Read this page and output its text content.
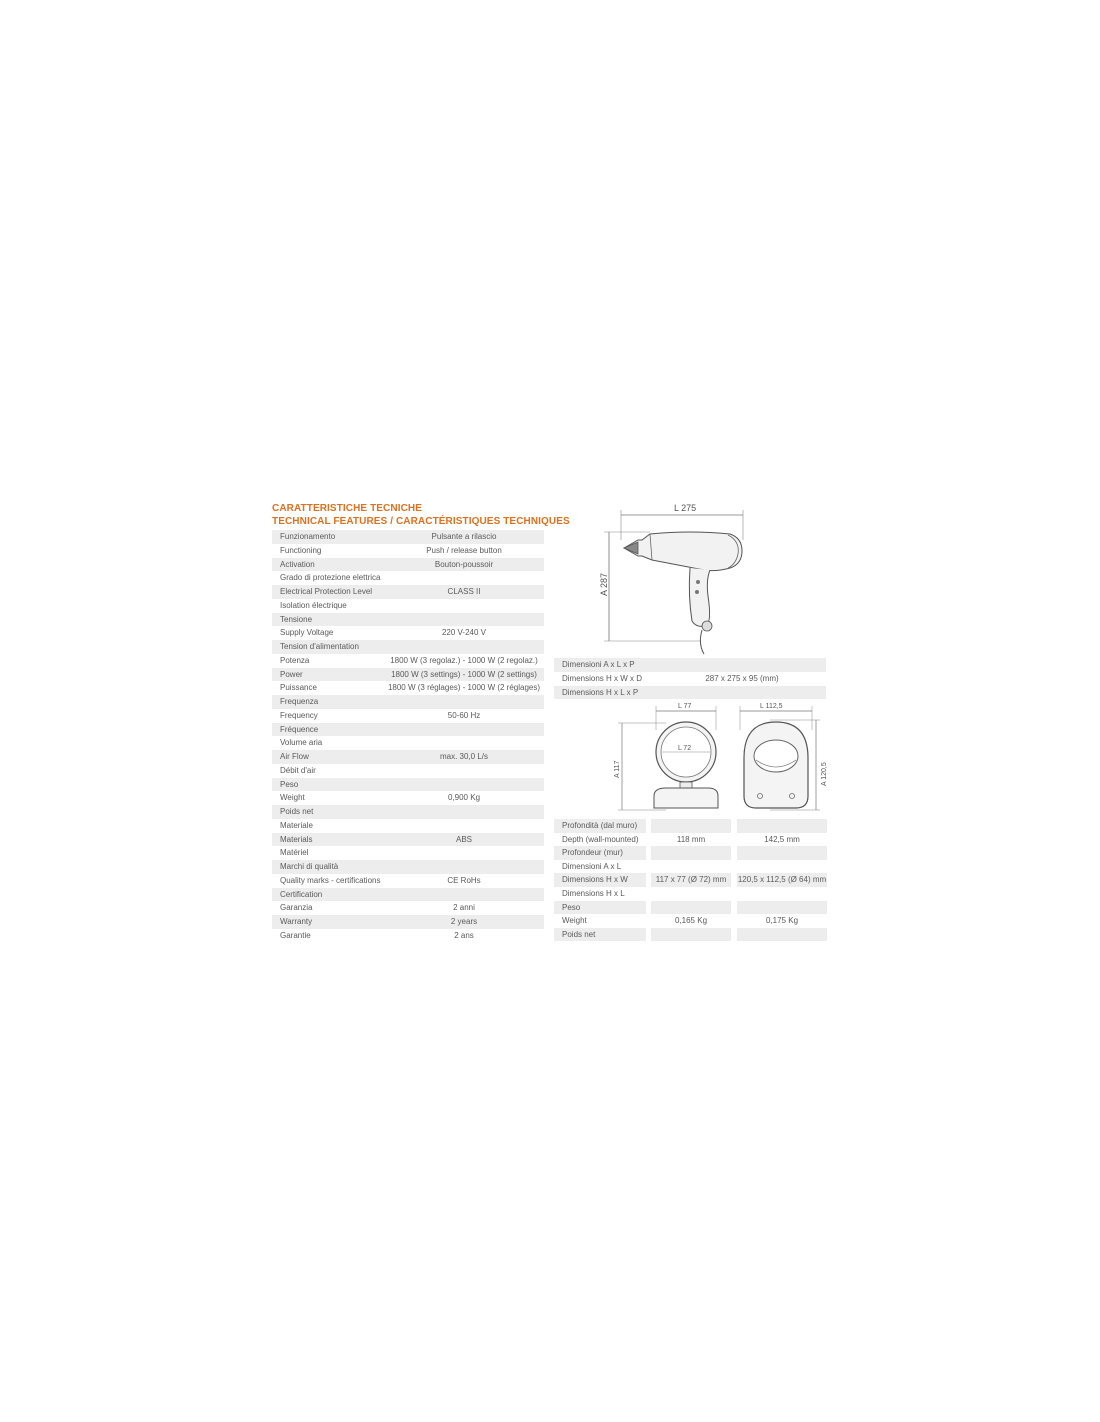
CARATTERISTICHE TECNICHE
TECHNICAL FEATURES / CARACTÉRISTIQUES TECHNIQUES
Funzionamento	Pulsante a rilascio
Functioning	Push / release button
Activation	Bouton-poussoir
Grado di protezione elettrica
Electrical Protection Level	CLASS II
Isolation électrique
Tensione
Supply Voltage	220 V-240 V
Tension d'alimentation
Potenza	1800 W (3 regolaz.) - 1000 W (2 regolaz.)
Power	1800 W (3 settings) - 1000 W (2 settings)
Puissance	1800 W (3 réglages) - 1000 W (2 réglages)
Frequenza
Frequency	50-60 Hz
Fréquence
Volume aria
Air Flow	max. 30,0 L/s
Débit d'air
Peso
Weight	0,900 Kg
Poids net
Materiale
Materials	ABS
Matériel
Marchi di qualità
Quality marks - certifications	CE RoHs
Certification
Garanzia	2 anni
Warranty	2 years
Garantie	2 ans
L 275
A 287
Dimensioni A x L x P
Dimensions H x W x D	287 x 275 x 95 (mm)
Dimensions H x L x P
L 77
A 117
L 72
L 112,5
A 120,5
Profondità (dal muro)
Depth (wall-mounted)	118 mm	142,5 mm
Profondeur (mur)
Dimensioni A x L
Dimensions H x W	117 x 77 (Ø 72) mm	120,5 x 112,5 (Ø 64) mm
Dimensions H x L
Peso
Weight	0,165 Kg	0,175 Kg
Poids net
